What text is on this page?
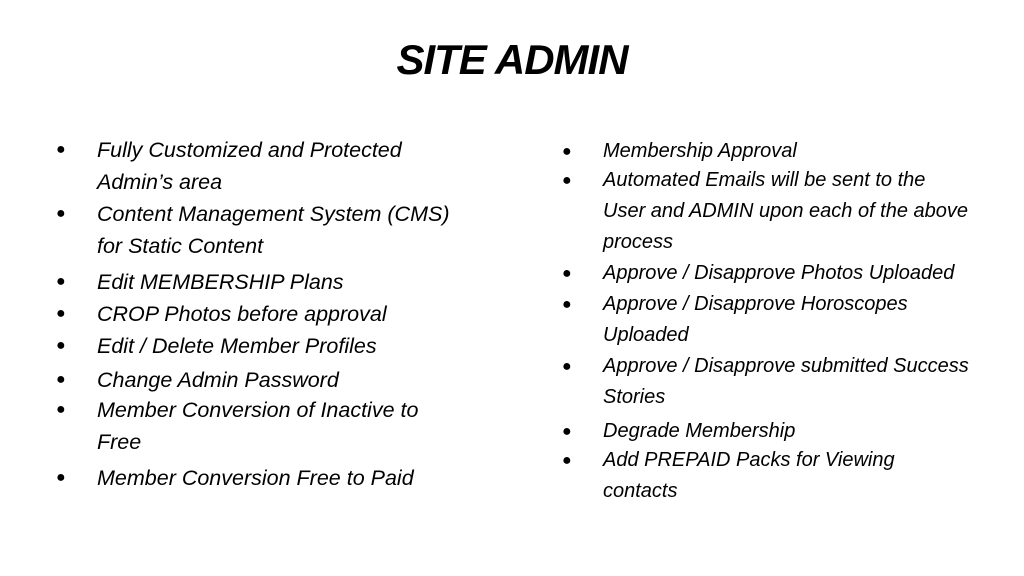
SITE ADMIN
● Fully Customized and Protected Admin’s area
● Content Management System (CMS) for Static Content
● Edit MEMBERSHIP Plans
● CROP Photos before approval
● Edit / Delete Member Profiles
● Change Admin Password
● Member Conversion of Inactive to Free
● Member Conversion Free to Paid
● Membership Approval
● Automated Emails will be sent to the User and ADMIN upon each of the above process
● Approve / Disapprove Photos Uploaded
● Approve / Disapprove Horoscopes Uploaded
● Approve / Disapprove submitted Success Stories
● Degrade Membership
● Add PREPAID Packs for Viewing contacts
